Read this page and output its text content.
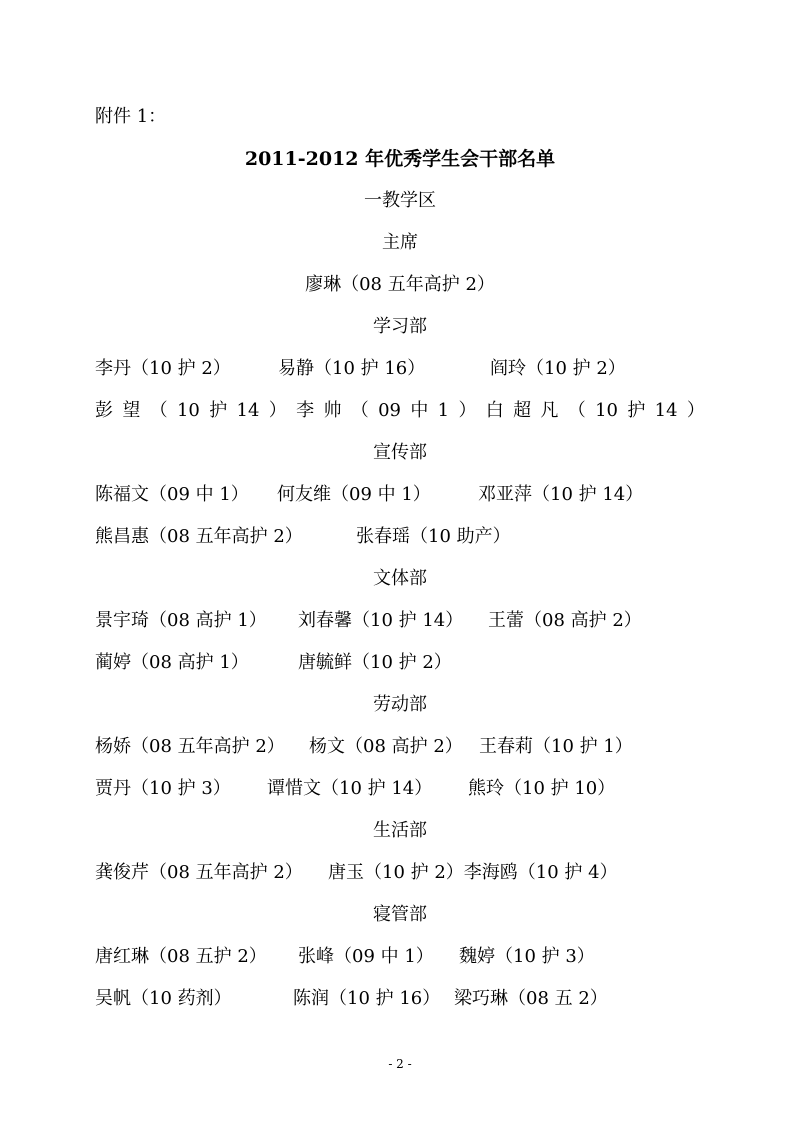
附件 1：
2011-2012 年优秀学生会干部名单
一教学区
主席
廖琳（08 五年高护 2）
学习部
李丹（10 护 2）	易静（10 护 16）	阎玲（10 护 2）
彭 望 （ 10 护 14 ） 李 帅 （ 09 中 1 ） 白 超 凡 （ 10 护 14 ）
宣传部
陈福文（09 中 1） 何友维（09 中 1）	邓亚萍（10 护 14）
熊昌惠（08 五年高护 2）	张春瑶（10 助产）
文体部
景宇琦（08 高护 1） 刘春馨（10 护 14） 王蕾（08 高护 2）
蔺婷（08 高护 1）	唐毓鲜（10 护 2）
劳动部
杨娇（08 五年高护 2） 杨文（08 高护 2） 王春莉（10 护 1）
贾丹（10 护 3） 谭惜文（10 护 14） 熊玲（10 护 10）
生活部
龚俊芹（08 五年高护 2） 唐玉（10 护 2）李海鸥（10 护 4）
寝管部
唐红琳（08 五护 2） 张峰（09 中 1） 魏婷（10 护 3）
吴帆（10 药剂）	陈润（10 护 16） 梁巧琳（08 五 2）
- 2 -
